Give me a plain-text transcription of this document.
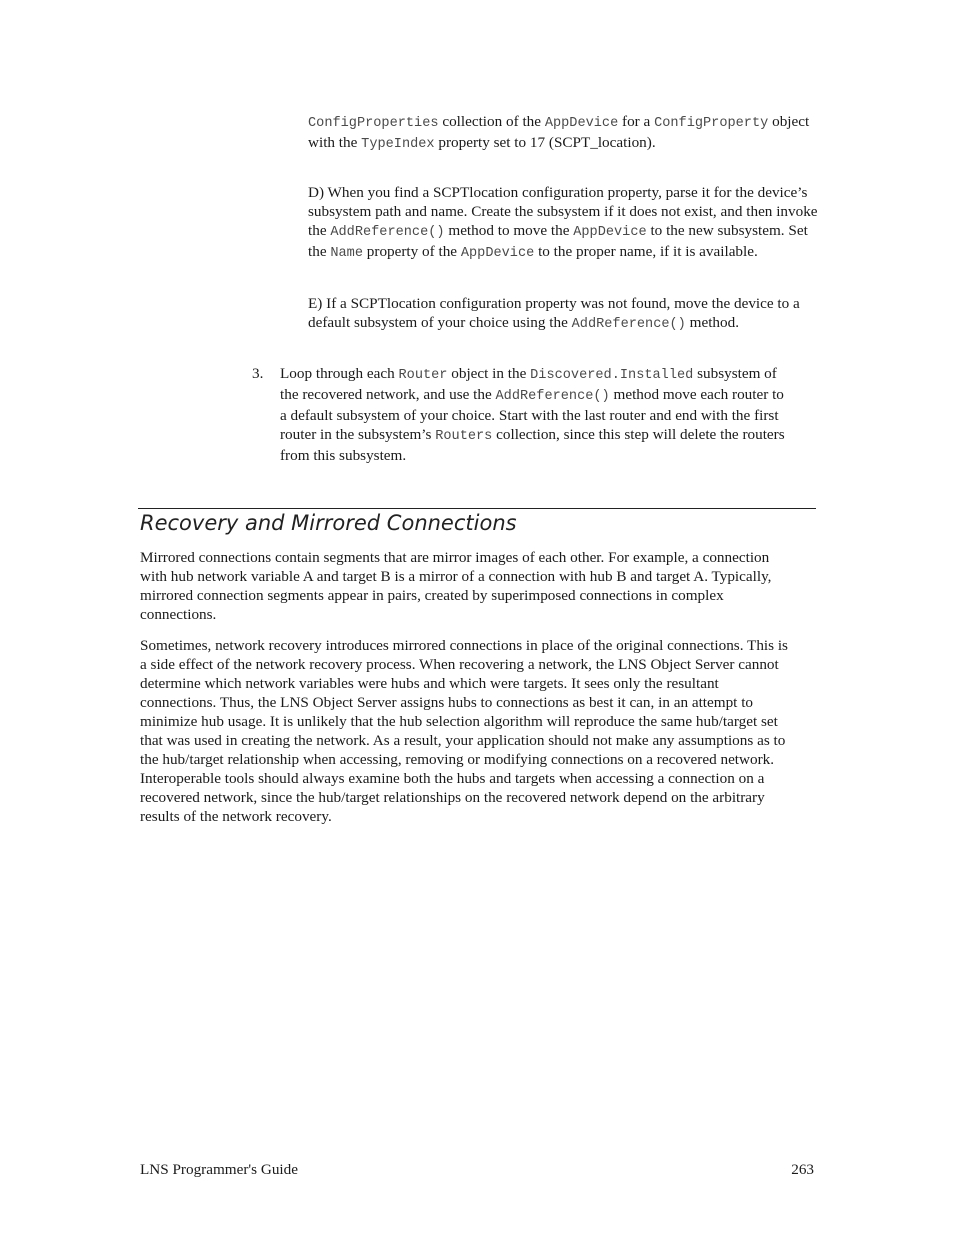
ConfigProperties collection of the AppDevice for a ConfigProperty object with the TypeIndex property set to 17 (SCPT_location).

D) When you find a SCPTlocation configuration property, parse it for the device’s subsystem path and name. Create the subsystem if it does not exist, and then invoke the AddReference() method to move the AppDevice to the new subsystem. Set the Name property of the AppDevice to the proper name, if it is available.

E) If a SCPTlocation configuration property was not found, move the device to a default subsystem of your choice using the AddReference() method.

3. Loop through each Router object in the Discovered.Installed subsystem of the recovered network, and use the AddReference() method move each router to a default subsystem of your choice. Start with the last router and end with the first router in the subsystem’s Routers collection, since this step will delete the routers from this subsystem.

Recovery and Mirrored Connections

Mirrored connections contain segments that are mirror images of each other. For example, a connection with hub network variable A and target B is a mirror of a connection with hub B and target A. Typically, mirrored connection segments appear in pairs, created by superimposed connections in complex connections.

Sometimes, network recovery introduces mirrored connections in place of the original connections. This is a side effect of the network recovery process. When recovering a network, the LNS Object Server cannot determine which network variables were hubs and which were targets. It sees only the resultant connections. Thus, the LNS Object Server assigns hubs to connections as best it can, in an attempt to minimize hub usage. It is unlikely that the hub selection algorithm will reproduce the same hub/target set that was used in creating the network. As a result, your application should not make any assumptions as to the hub/target relationship when accessing, removing or modifying connections on a recovered network. Interoperable tools should always examine both the hubs and targets when accessing a connection on a recovered network, since the hub/target relationships on the recovered network depend on the arbitrary results of the network recovery.

LNS Programmer's Guide	263
